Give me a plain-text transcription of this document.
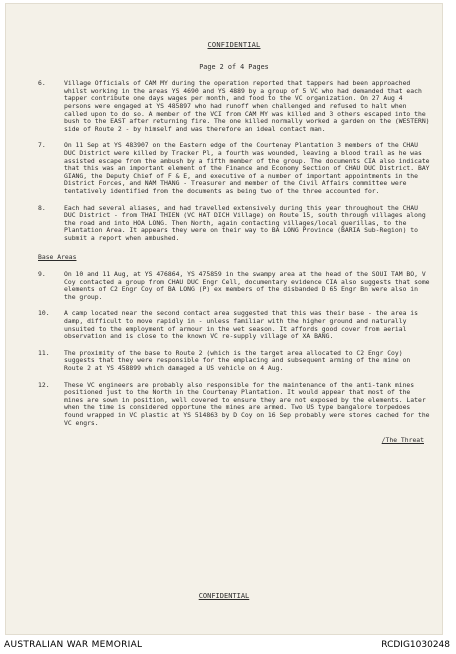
CONFIDENTIAL
Page 2 of 4 Pages
6.	Village Officials of CAM MY during the operation reported that tappers had been approached whilst working in the areas YS 4690 and YS 4889 by a group of 5 VC who had demanded that each tapper contribute one days wages per month, and food to the VC organization. On 27 Aug 4 persons were engaged at YS 485897 who had runoff when challenged and refused to halt when called upon to do so. A member of the VCI from CAM MY was killed and 3 others escaped into the bush to the EAST after returning fire. The one killed normally worked a garden on the (WESTERN) side of Route 2 - by himself and was therefore an ideal contact man.
7.	On 11 Sep at YS 483907 on the Eastern edge of the Courtenay Plantation 3 members of the CHAU DUC District were killed by Tracker Pl, a fourth was wounded, leaving a blood trail as he was assisted escape from the ambush by a fifth member of the group. The documents CIA also indicate that this was an important element of the Finance and Economy Section of CHAU DUC District. BAY GIANG, the Deputy Chief of F & E, and executive of a number of important appointments in the District Forces, and NAM THANG - Treasurer and member of the Civil Affairs committee were tentatively identified from the documents as being two of the three accounted for.
8.	Each had several aliases, and had travelled extensively during this year throughout the CHAU DUC District - from THAI THIEN (VC HAT DICH Village) on Route 15, south through villages along the road and into HOA LONG. Then North, again contacting villages/local guerillas, to the Plantation Area. It appears they were on their way to BA LONG Province (BARIA Sub-Region) to submit a report when ambushed.
Base Areas
9.	On 10 and 11 Aug, at YS 476864, YS 475859 in the swampy area at the head of the SOUI TAM BO, V Coy contacted a group from CHAU DUC Engr Cell, documentary evidence CIA also suggests that some elements of C2 Engr Coy of BA LONG (P) ex members of the disbanded D 65 Engr Bn were also in the group.
10.	A camp located near the second contact area suggested that this was their base - the area is damp, difficult to move rapidly in - unless familiar with the higher ground and naturally unsuited to the employment of armour in the wet season. It affords good cover from aerial observation and is close to the known VC re-supply village of XA BANG.
11.	The proximity of the base to Route 2 (which is the target area allocated to C2 Engr Coy) suggests that they were responsible for the emplacing and subsequent arming of the mine on Route 2 at YS 458899 which damaged a US vehicle on 4 Aug.
12.	These VC engineers are probably also responsible for the maintenance of the anti-tank mines positioned just to the North in the Courtenay Plantation. It would appear that most of the mines are sown in position, well covered to ensure they are not exposed by the elements. Later when the time is considered opportune the mines are armed. Two US type bangalore torpedoes found wrapped in VC plastic at YS 514863 by D Coy on 16 Sep probably were stores cached for the VC engrs.
/The Threat
CONFIDENTIAL
AUSTRALIAN WAR MEMORIAL	RCDIG1030248
